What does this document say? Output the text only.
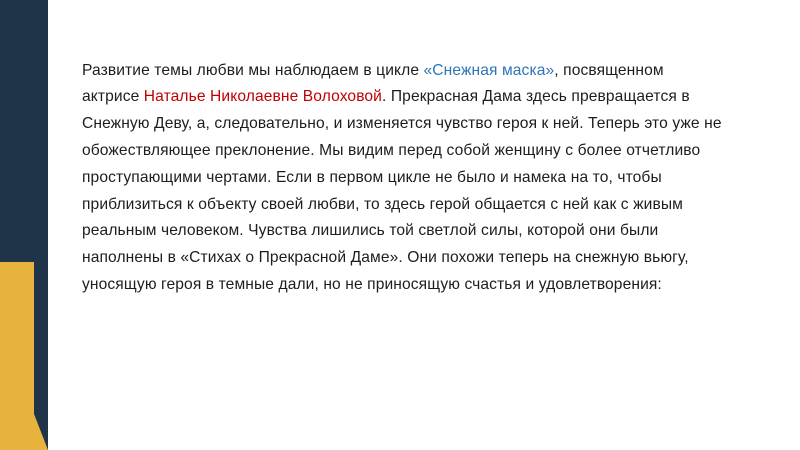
Развитие темы любви мы наблюдаем в цикле «Снежная маска», посвященном актрисе Наталье Николаевне Волоховой. Прекрасная Дама здесь превращается в Снежную Деву, а, следовательно, и изменяется чувство героя к ней. Теперь это уже не обожествляющее преклонение. Мы видим перед собой женщину с более отчетливо проступающими чертами. Если в первом цикле не было и намека на то, чтобы приблизиться к объекту своей любви, то здесь герой общается с ней как с живым реальным человеком. Чувства лишились той светлой силы, которой они были наполнены в «Стихах о Прекрасной Даме». Они похожи теперь на снежную вьюгу, уносящую героя в темные дали, но не приносящую счастья и удовлетворения:
